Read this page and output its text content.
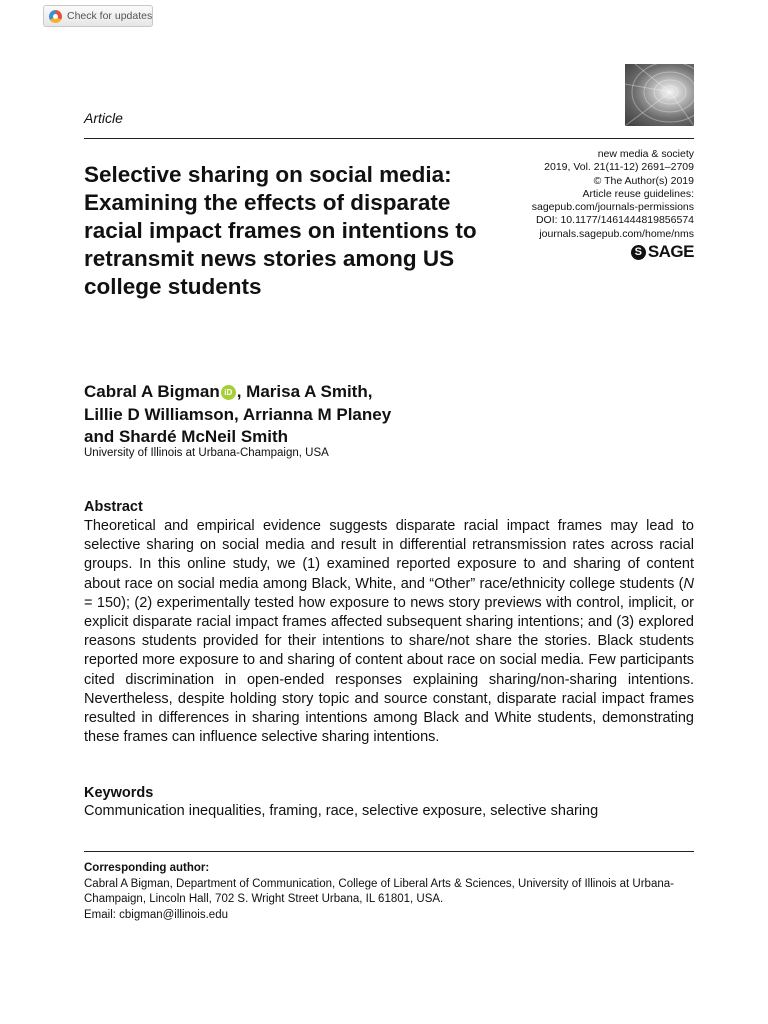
Check for updates
Article
new media & society
2019, Vol. 21(11-12) 2691–2709
© The Author(s) 2019
Article reuse guidelines:
sagepub.com/journals-permissions
DOI: 10.1177/1461444819856574
journals.sagepub.com/home/nms
S
SAGE
Selective sharing on social media: Examining the effects of disparate racial impact frames on intentions to retransmit news stories among US college students
Cabral A Bigman iD , Marisa A Smith,
Lillie D Williamson, Arrianna M Planey
and Shardé McNeil Smith
University of Illinois at Urbana-Champaign, USA
Abstract

Theoretical and empirical evidence suggests disparate racial impact frames may lead to selective sharing on social media and result in differential retransmission rates across racial groups. In this online study, we (1) examined reported exposure to and sharing of content about race on social media among Black, White, and “Other” race/ethnicity college students (N = 150); (2) experimentally tested how exposure to news story previews with control, implicit, or explicit disparate racial impact frames affected subsequent sharing intentions; and (3) explored reasons students provided for their intentions to share/not share the stories. Black students reported more exposure to and sharing of content about race on social media. Few participants cited discrimination in open-ended responses explaining sharing/non-sharing intentions. Nevertheless, despite holding story topic and source constant, disparate racial impact frames resulted in differences in sharing intentions among Black and White students, demonstrating these frames can influence selective sharing intentions.

Keywords
Communication inequalities, framing, race, selective exposure, selective sharing
Corresponding author:

Cabral A Bigman, Department of Communication, College of Liberal Arts & Sciences, University of Illinois at Urbana-Champaign, Lincoln Hall, 702 S. Wright Street Urbana, IL 61801, USA.
Email: cbigman@illinois.edu
